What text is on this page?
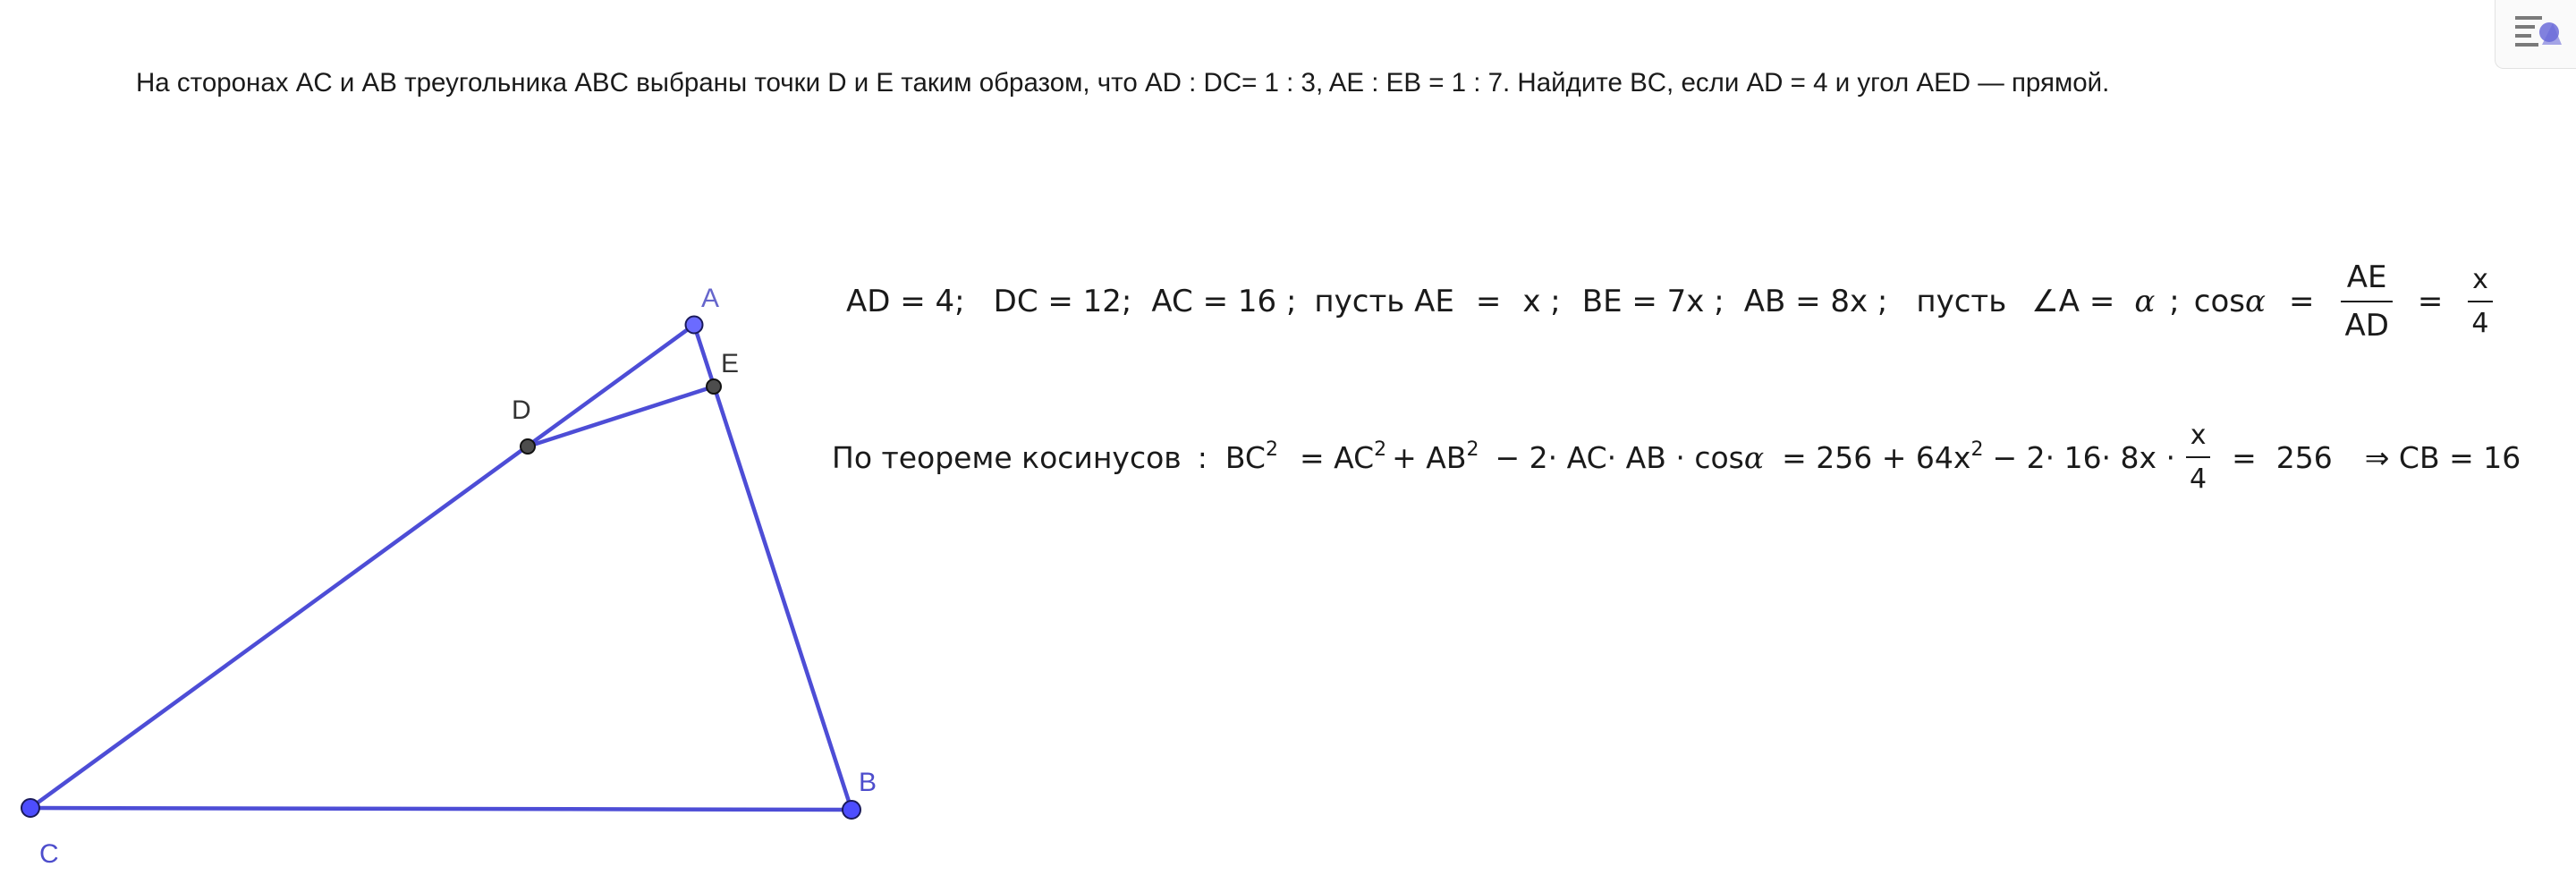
На сторонах AC и AB треугольника ABC выбраны точки D и E таким образом, что AD : DC= 1 : 3, AE : EB = 1 : 7. Найдите BC, если AD = 4 и угол AED — прямой.
A
E
D
C
B
AD = 4; DC = 12; AC = 16 ; пусть AE = x ; BE = 7x ; AB = 8x ; пусть ∠A = α ; $\cos \alpha = \frac{AE}{AD} = \frac{x}{4}$
По теореме косинусов : $BC^2 = AC^2 + AB^2 - 2\cdot AC\cdot$ AB · $\cos\alpha = 256 + 64x^2 - 2\cdot 16\cdot 8x \cdot \frac{x}{4} = 256$ ⇒ CB = 16
